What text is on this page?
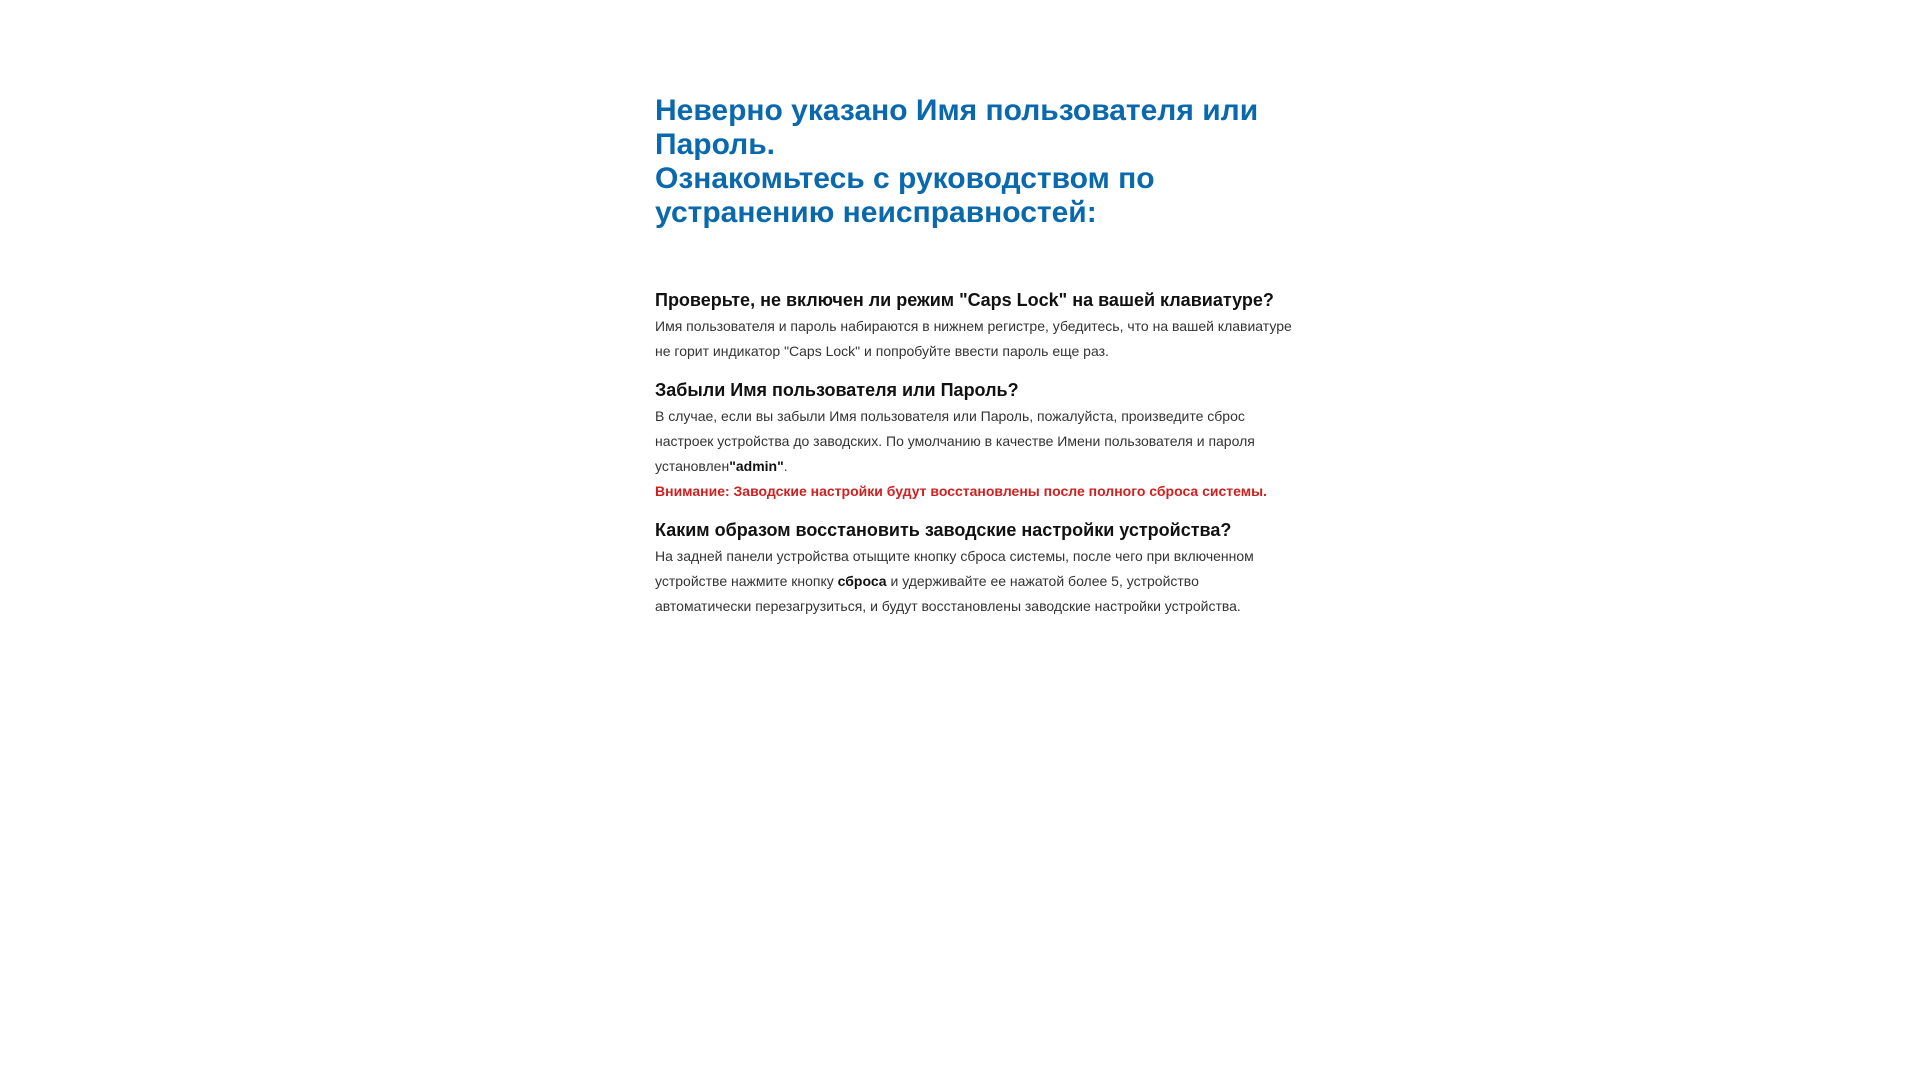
Неверно указано Имя пользователя или Пароль.
Ознакомьтесь с руководством по устранению неисправностей:
Проверьте, не включен ли режим "Caps Lock" на вашей клавиатуре?

Имя пользователя и пароль набираются в нижнем регистре, убедитесь, что на вашей клавиатуре не горит индикатор "Caps Lock" и попробуйте ввести пароль еще раз.

Забыли Имя пользователя или Пароль?

В случае, если вы забыли Имя пользователя или Пароль, пожалуйста, произведите сброс настроек устройства до заводских. По умолчанию в качестве Имени пользователя и пароля установлен"admin".

Внимание: Заводские настройки будут восстановлены после полного сброса системы.

Каким образом восстановить заводские настройки устройства?

На задней панели устройства отыщите кнопку сброса системы, после чего при включенном устройстве нажмите кнопку сброса и удерживайте ее нажатой более 5, устройство автоматически перезагрузиться, и будут восстановлены заводские настройки устройства.
